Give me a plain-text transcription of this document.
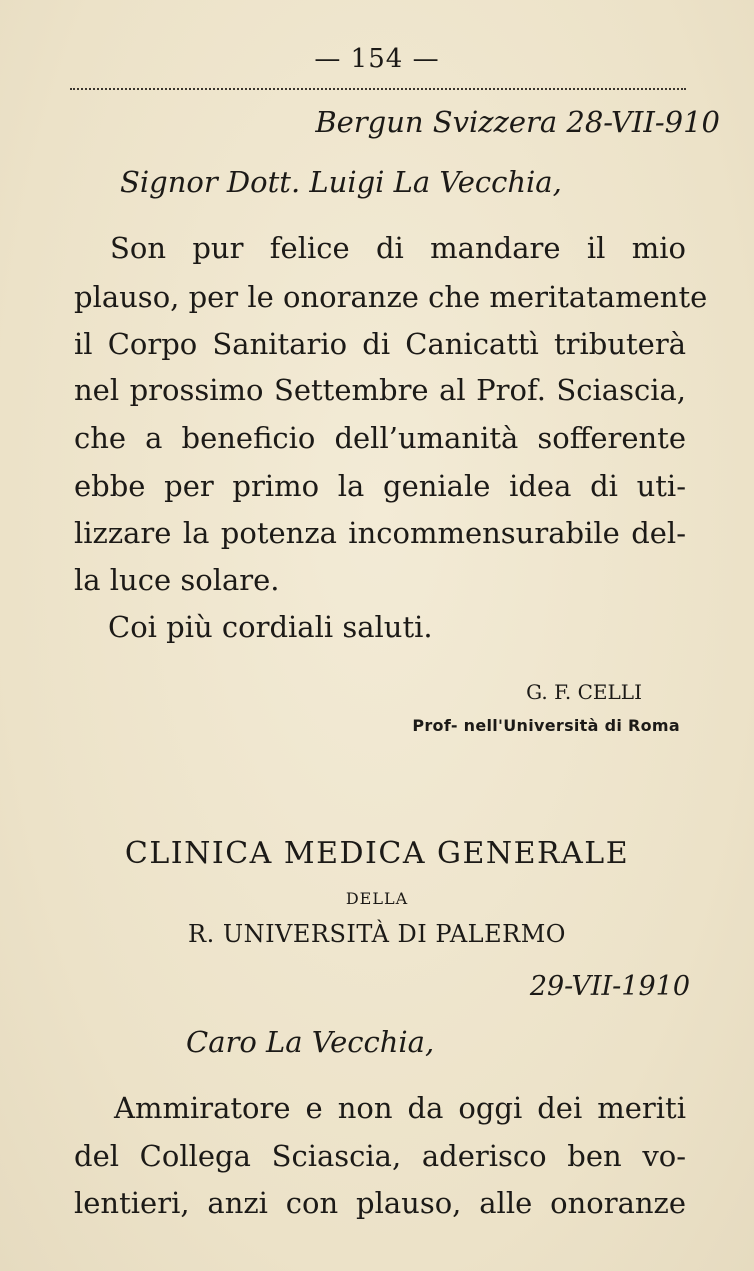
— 154 —
Bergun Svizzera 28-VII-910
Signor Dott. Luigi La Vecchia,
Son pur felice di mandare il mio
plauso, per le onoranze che meritatamente
il Corpo Sanitario di Canicattì tributerà
nel prossimo Settembre al Prof. Sciascia,
che a beneficio dell’umanità sofferente
ebbe per primo la geniale idea di uti-
lizzare la potenza incommensurabile del-
la luce solare.
Coi più cordiali saluti.
G. F. CELLI
Prof- nell'Università di Roma
CLINICA MEDICA GENERALE
DELLA
R. UNIVERSITÀ DI PALERMO
29-VII-1910
Caro La Vecchia,
Ammiratore e non da oggi dei meriti
del Collega Sciascia, aderisco ben vo-
lentieri, anzi con plauso, alle onoranze
